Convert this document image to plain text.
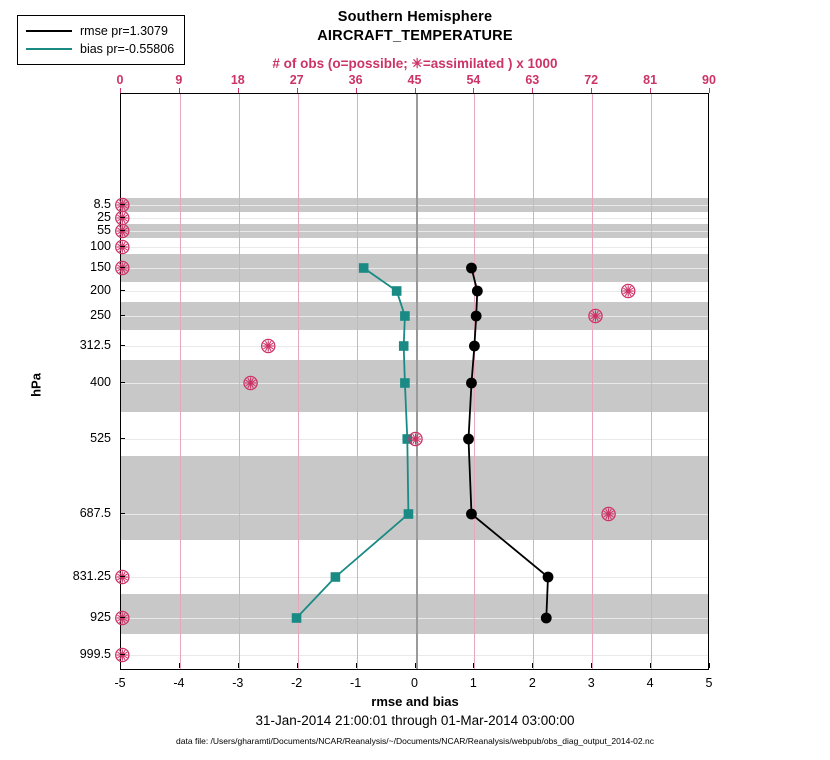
Southern Hemisphere
AIRCRAFT_TEMPERATURE
# of obs (o=possible; ✳=assimilated ) x 1000
rmse and bias
hPa
31-Jan-2014 21:00:01 through 01-Mar-2014 03:00:00
data file: /Users/gharamti/Documents/NCAR/Reanalysis/~/Documents/NCAR/Reanalysis/webpub/obs_diag_output_2014-02.nc
rmse pr=1.3079
bias pr=-0.55806
-5	-4	-3	-2	-1	0	1	2	3	4	5
0	9	18	27	36	45	54	63	72	81	90
8.5
25
55
100
150
200
250
312.5
400
525
687.5
831.25
925
999.5
